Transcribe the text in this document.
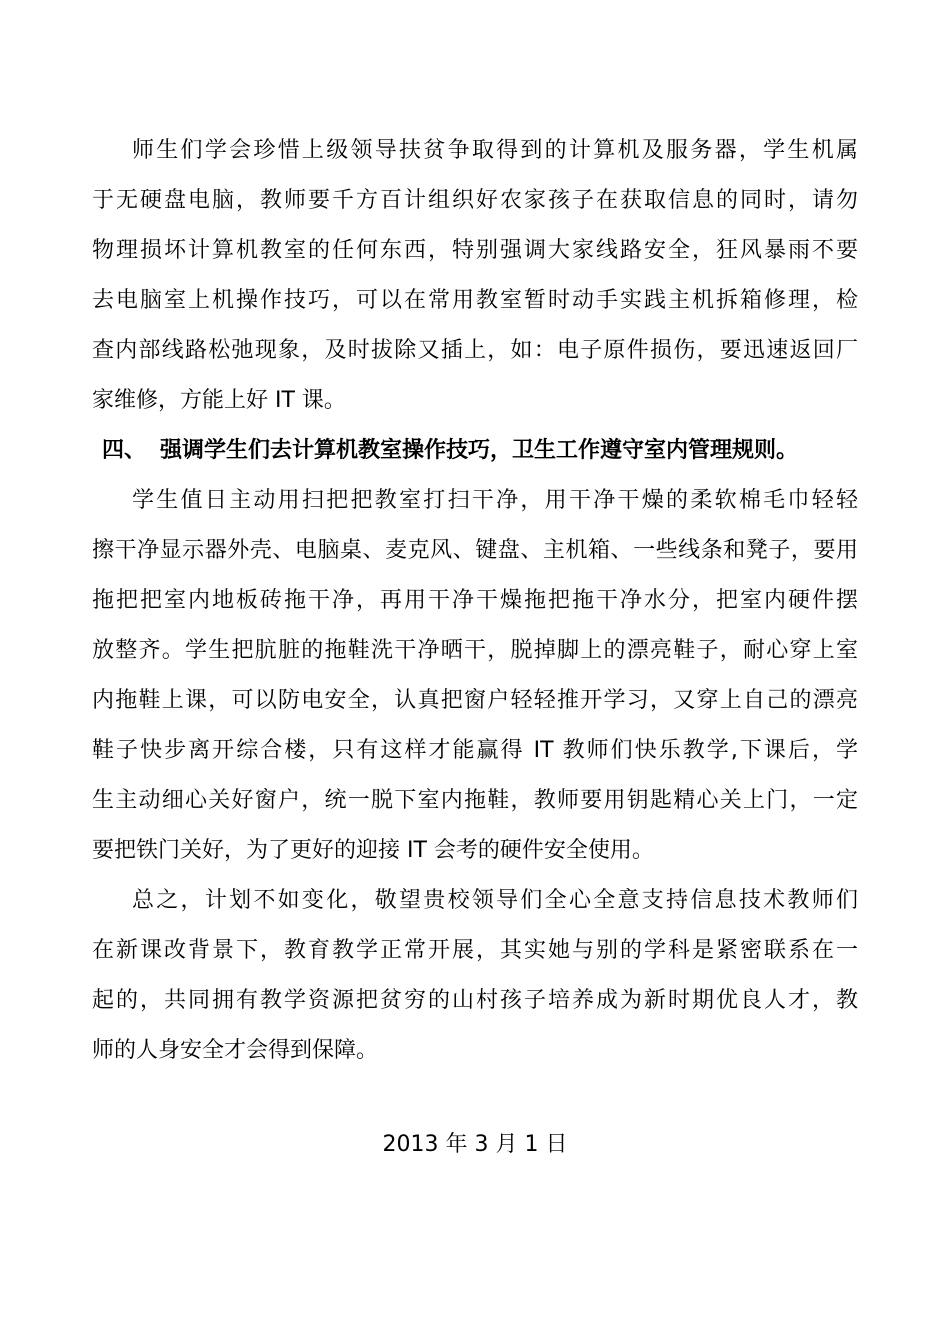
师生们学会珍惜上级领导扶贫争取得到的计算机及服务器，学生机属
于无硬盘电脑，教师要千方百计组织好农家孩子在获取信息的同时，请勿
物理损坏计算机教室的任何东西，特别强调大家线路安全，狂风暴雨不要
去电脑室上机操作技巧，可以在常用教室暂时动手实践主机拆箱修理，检
查内部线路松弛现象，及时拔除又插上，如：电子原件损伤，要迅速返回厂
家维修，方能上好 IT 课。
四、 强调学生们去计算机教室操作技巧，卫生工作遵守室内管理规则。
学生值日主动用扫把把教室打扫干净，用干净干燥的柔软棉毛巾轻轻
擦干净显示器外壳、电脑桌、麦克风、键盘、主机箱、一些线条和凳子，要用
拖把把室内地板砖拖干净，再用干净干燥拖把拖干净水分，把室内硬件摆
放整齐。学生把肮脏的拖鞋洗干净晒干，脱掉脚上的漂亮鞋子，耐心穿上室
内拖鞋上课，可以防电安全，认真把窗户轻轻推开学习，又穿上自己的漂亮
鞋子快步离开综合楼，只有这样才能赢得 IT 教师们快乐教学,下课后，学
生主动细心关好窗户，统一脱下室内拖鞋，教师要用钥匙精心关上门，一定
要把铁门关好，为了更好的迎接 IT 会考的硬件安全使用。
总之，计划不如变化，敬望贵校领导们全心全意支持信息技术教师们
在新课改背景下，教育教学正常开展，其实她与别的学科是紧密联系在一
起的，共同拥有教学资源把贫穷的山村孩子培养成为新时期优良人才，教
师的人身安全才会得到保障。
2013 年 3 月 1 日
